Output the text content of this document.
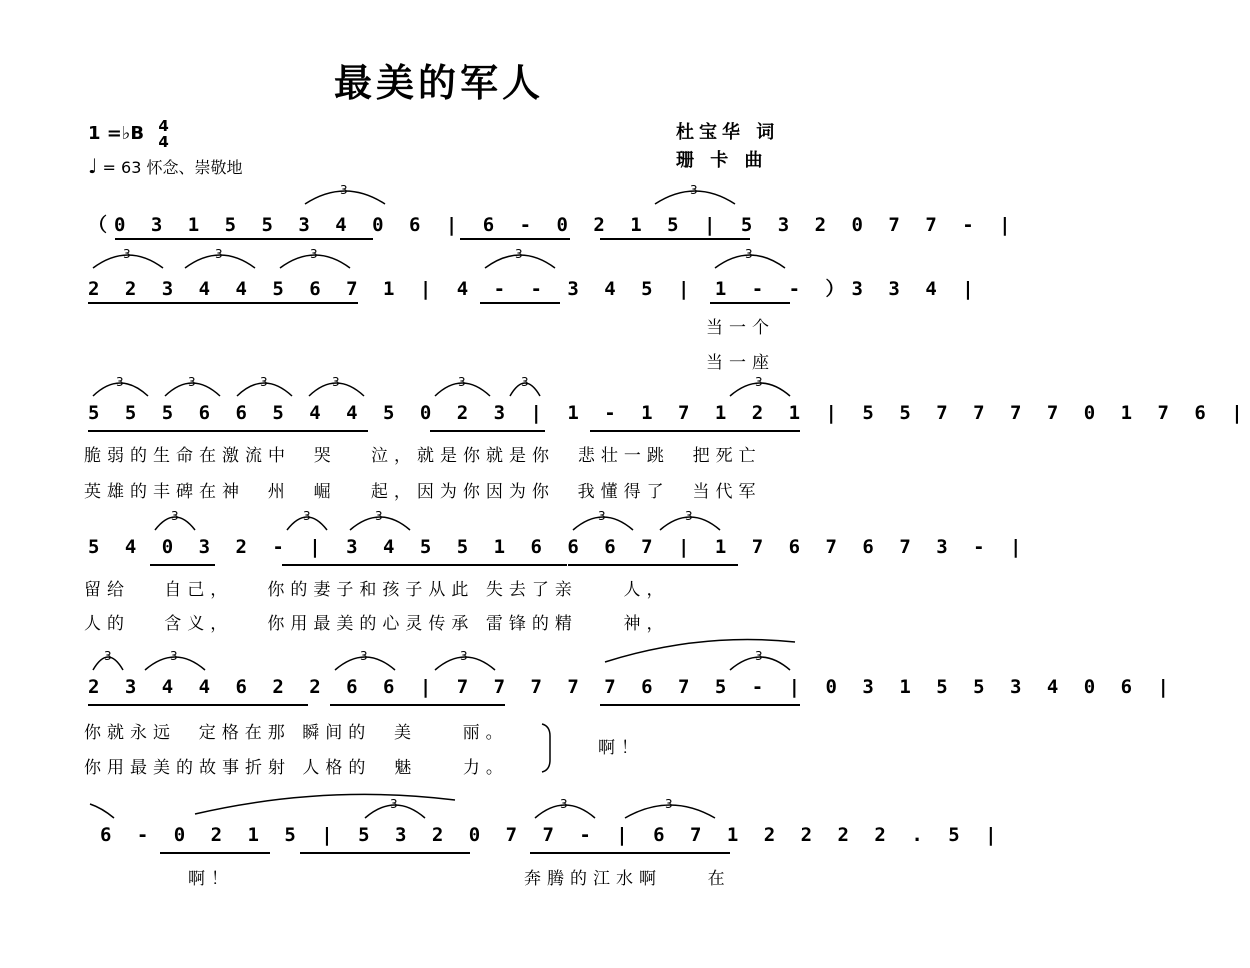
最美的军人
1 =♭B 4
4
♩ = 63 怀念、崇敬地
杜宝华 词
珊 卡 曲
（0 3 1 5 5 3 4 0 6 | 6 - 0 2 1 5 | 5 3 2 0 7 7 - |
3	3
2 2 3 4 4 5 6 7 1 | 4 - - 3 4 5 | 1 - - ）3 3 4 |
3	3	3	3	3
当一个
当一座
5 5 5 6 6 5 4 4 5 0 2 3 | 1 - 1 7 1 2 1 | 5 5 7 7 7 7 0 1 7 6 |
3	3	3	3	3	3	3
脆弱的生命在激流中  哭   泣，就是你就是你  悲壮一跳  把死亡
英雄的丰碑在神  州  崛   起，因为你因为你  我懂得了  当代军
5 4 0 3 2 - | 3 4 5 5 1 6 6 6 7 | 1 7 6 7 6 7 3 - |
3	3	3	3	3
留给   自己，   你的妻子和孩子从此 失去了亲    人，
人的   含义，   你用最美的心灵传承 雷锋的精    神，
2 3 4 4 6 2 2 6 6 | 7 7 7 7 7 6 7 5 - | 0 3 1 5 5 3 4 0 6 |
3	3	3	3	3
你就永远  定格在那 瞬间的  美    丽。
你用最美的故事折射 人格的  魅    力。
啊！
6 - 0 2 1 5 | 5 3 2 0 7 7 - | 6 7 1 2 2 2 2 . 5 |
3	3	3
啊！	奔腾的江水啊    在
